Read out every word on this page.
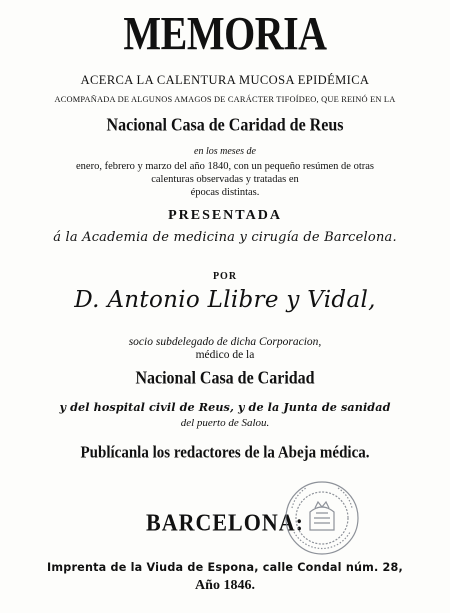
MEMORIA
ACERCA LA CALENTURA MUCOSA EPIDÉMICA
ACOMPAÑADA DE ALGUNOS AMAGOS DE CARÁCTER TIFOÍDEO, QUE REINÓ EN LA
Nacional Casa de Caridad de Reus
en los meses de
enero, febrero y marzo del año 1840, con un pequeño resúmen de otras
calenturas observadas y tratadas en
épocas distintas.
PRESENTADA
á la Academia de medicina y cirugía de Barcelona.
POR
D. Antonio Llibre y Vidal,
socio subdelegado de dicha Corporacion,
médico de la
Nacional Casa de Caridad
y del hospital civil de Reus, y de la Junta de sanidad
del puerto de Salou.
Publícanla los redactores de la Abeja médica.
BARCELONA:
Imprenta de la Viuda de Espona, calle Condal núm. 28,
Año 1846.
